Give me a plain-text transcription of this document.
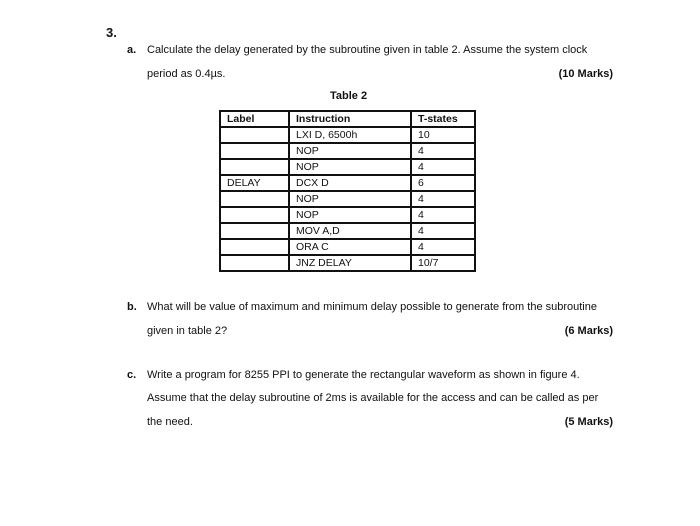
3.
a. Calculate the delay generated by the subroutine given in table 2. Assume the system clock
period as 0.4µs.	(10 Marks)
Table 2
Label	Instruction	T-states
	LXI D, 6500h	10
	NOP	4
	NOP	4
DELAY	DCX D	6
	NOP	4
	NOP	4
	MOV A,D	4
	ORA C	4
	JNZ DELAY	10/7
b. What will be value of maximum and minimum delay possible to generate from the subroutine
given in table 2?	(6 Marks)
c. Write a program for 8255 PPI to generate the rectangular waveform as shown in figure 4.
Assume that the delay subroutine of 2ms is available for the access and can be called as per
the need.	(5 Marks)
